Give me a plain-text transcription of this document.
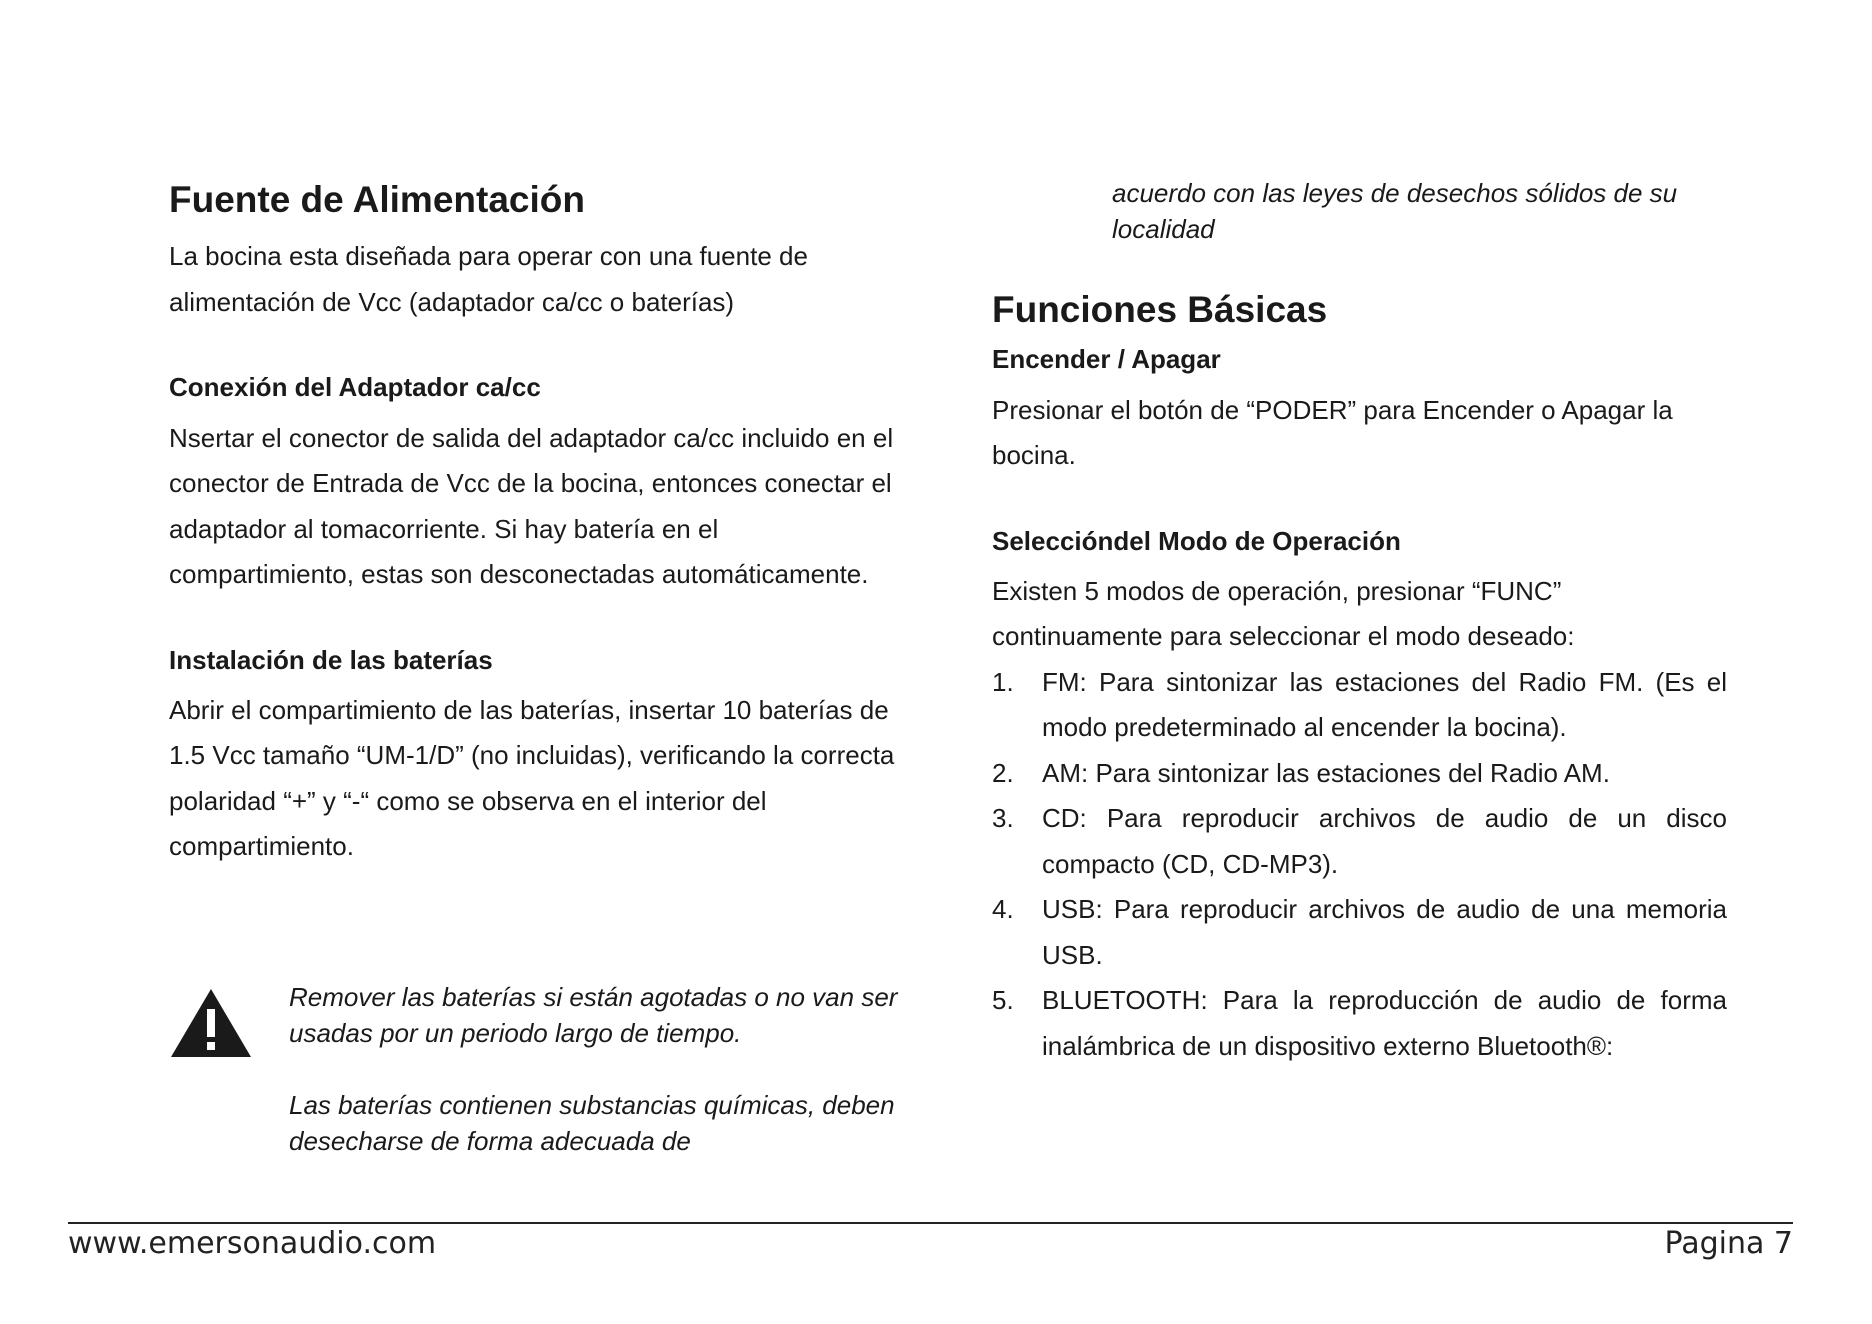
Fuente de Alimentación

La bocina esta diseñada para operar con una fuente de alimentación de Vcc (adaptador ca/cc o baterías)

Conexión del Adaptador ca/cc

Nsertar el conector de salida del adaptador ca/cc incluido en el conector de Entrada de Vcc de la bocina, entonces conectar el adaptador al tomacorriente. Si hay batería en el compartimiento, estas son desconectadas automáticamente.

Instalación de las baterías

Abrir el compartimiento de las baterías, insertar 10 baterías de 1.5 Vcc tamaño “UM-1/D” (no incluidas), verificando la correcta polaridad “+” y “-“ como se observa en el interior del compartimiento.

Remover las baterías si están agotadas o no van ser usadas por un periodo largo de tiempo.

Las baterías contienen substancias químicas, deben desecharse de forma adecuada de

acuerdo con las leyes de desechos sólidos de su localidad

Funciones Básicas
Encender / Apagar

Presionar el botón de “PODER” para Encender o Apagar la bocina.

Seleccióndel Modo de Operación

Existen 5 modos de operación, presionar “FUNC” continuamente para seleccionar el modo deseado:

1. FM: Para sintonizar las estaciones del Radio FM. (Es el modo predeterminado al encender la bocina).
2. AM: Para sintonizar las estaciones del Radio AM.
3. CD: Para reproducir archivos de audio de un disco compacto (CD, CD-MP3).
4. USB: Para reproducir archivos de audio de una memoria USB.
5. BLUETOOTH: Para la reproducción de audio de forma inalámbrica de un dispositivo externo Bluetooth®:
www.emersonaudio.com	Pagina 7
